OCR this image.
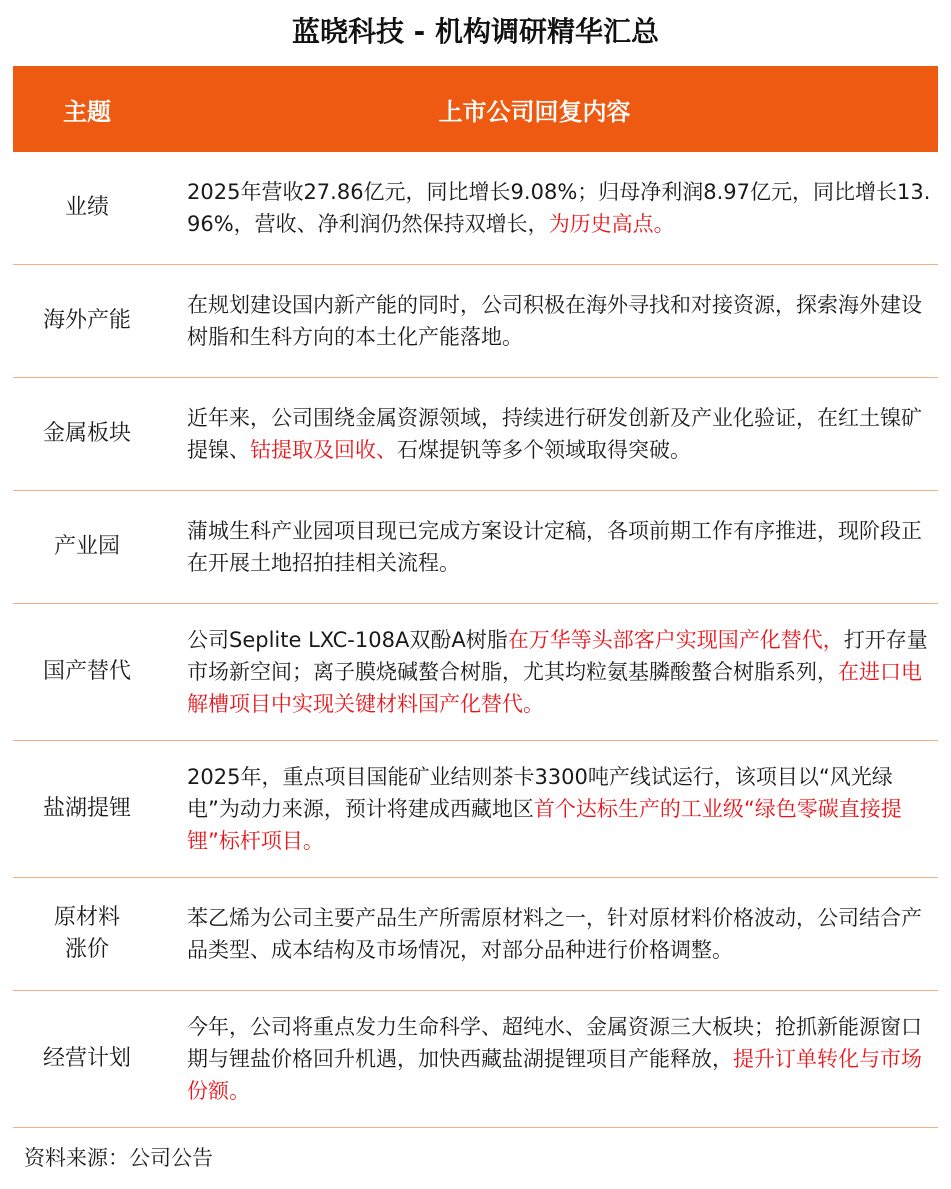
蓝晓科技 - 机构调研精华汇总
主题	上市公司回复内容
业绩
2025年营收27.86亿元，同比增长9.08%；归母净利润8.97亿元，同比增长13.96%，营收、净利润仍然保持双增长，为历史高点。
海外产能
在规划建设国内新产能的同时，公司积极在海外寻找和对接资源，探索海外建设树脂和生科方向的本土化产能落地。
金属板块
近年来，公司围绕金属资源领域，持续进行研发创新及产业化验证，在红土镍矿提镍、钴提取及回收、石煤提钒等多个领域取得突破。
产业园
蒲城生科产业园项目现已完成方案设计定稿，各项前期工作有序推进，现阶段正在开展土地招拍挂相关流程。
国产替代
公司Seplite LXC-108A双酚A树脂在万华等头部客户实现国产化替代，打开存量市场新空间；离子膜烧碱螯合树脂，尤其均粒氨基膦酸螯合树脂系列，在进口电解槽项目中实现关键材料国产化替代。
盐湖提锂
2025年，重点项目国能矿业结则茶卡3300吨产线试运行，该项目以“风光绿电”为动力来源，预计将建成西藏地区首个达标生产的工业级“绿色零碳直接提锂”标杆项目。
原材料
涨价
苯乙烯为公司主要产品生产所需原材料之一，针对原材料价格波动，公司结合产品类型、成本结构及市场情况，对部分品种进行价格调整。
经营计划
今年，公司将重点发力生命科学、超纯水、金属资源三大板块；抢抓新能源窗口期与锂盐价格回升机遇，加快西藏盐湖提锂项目产能释放，提升订单转化与市场份额。
资料来源：公司公告
